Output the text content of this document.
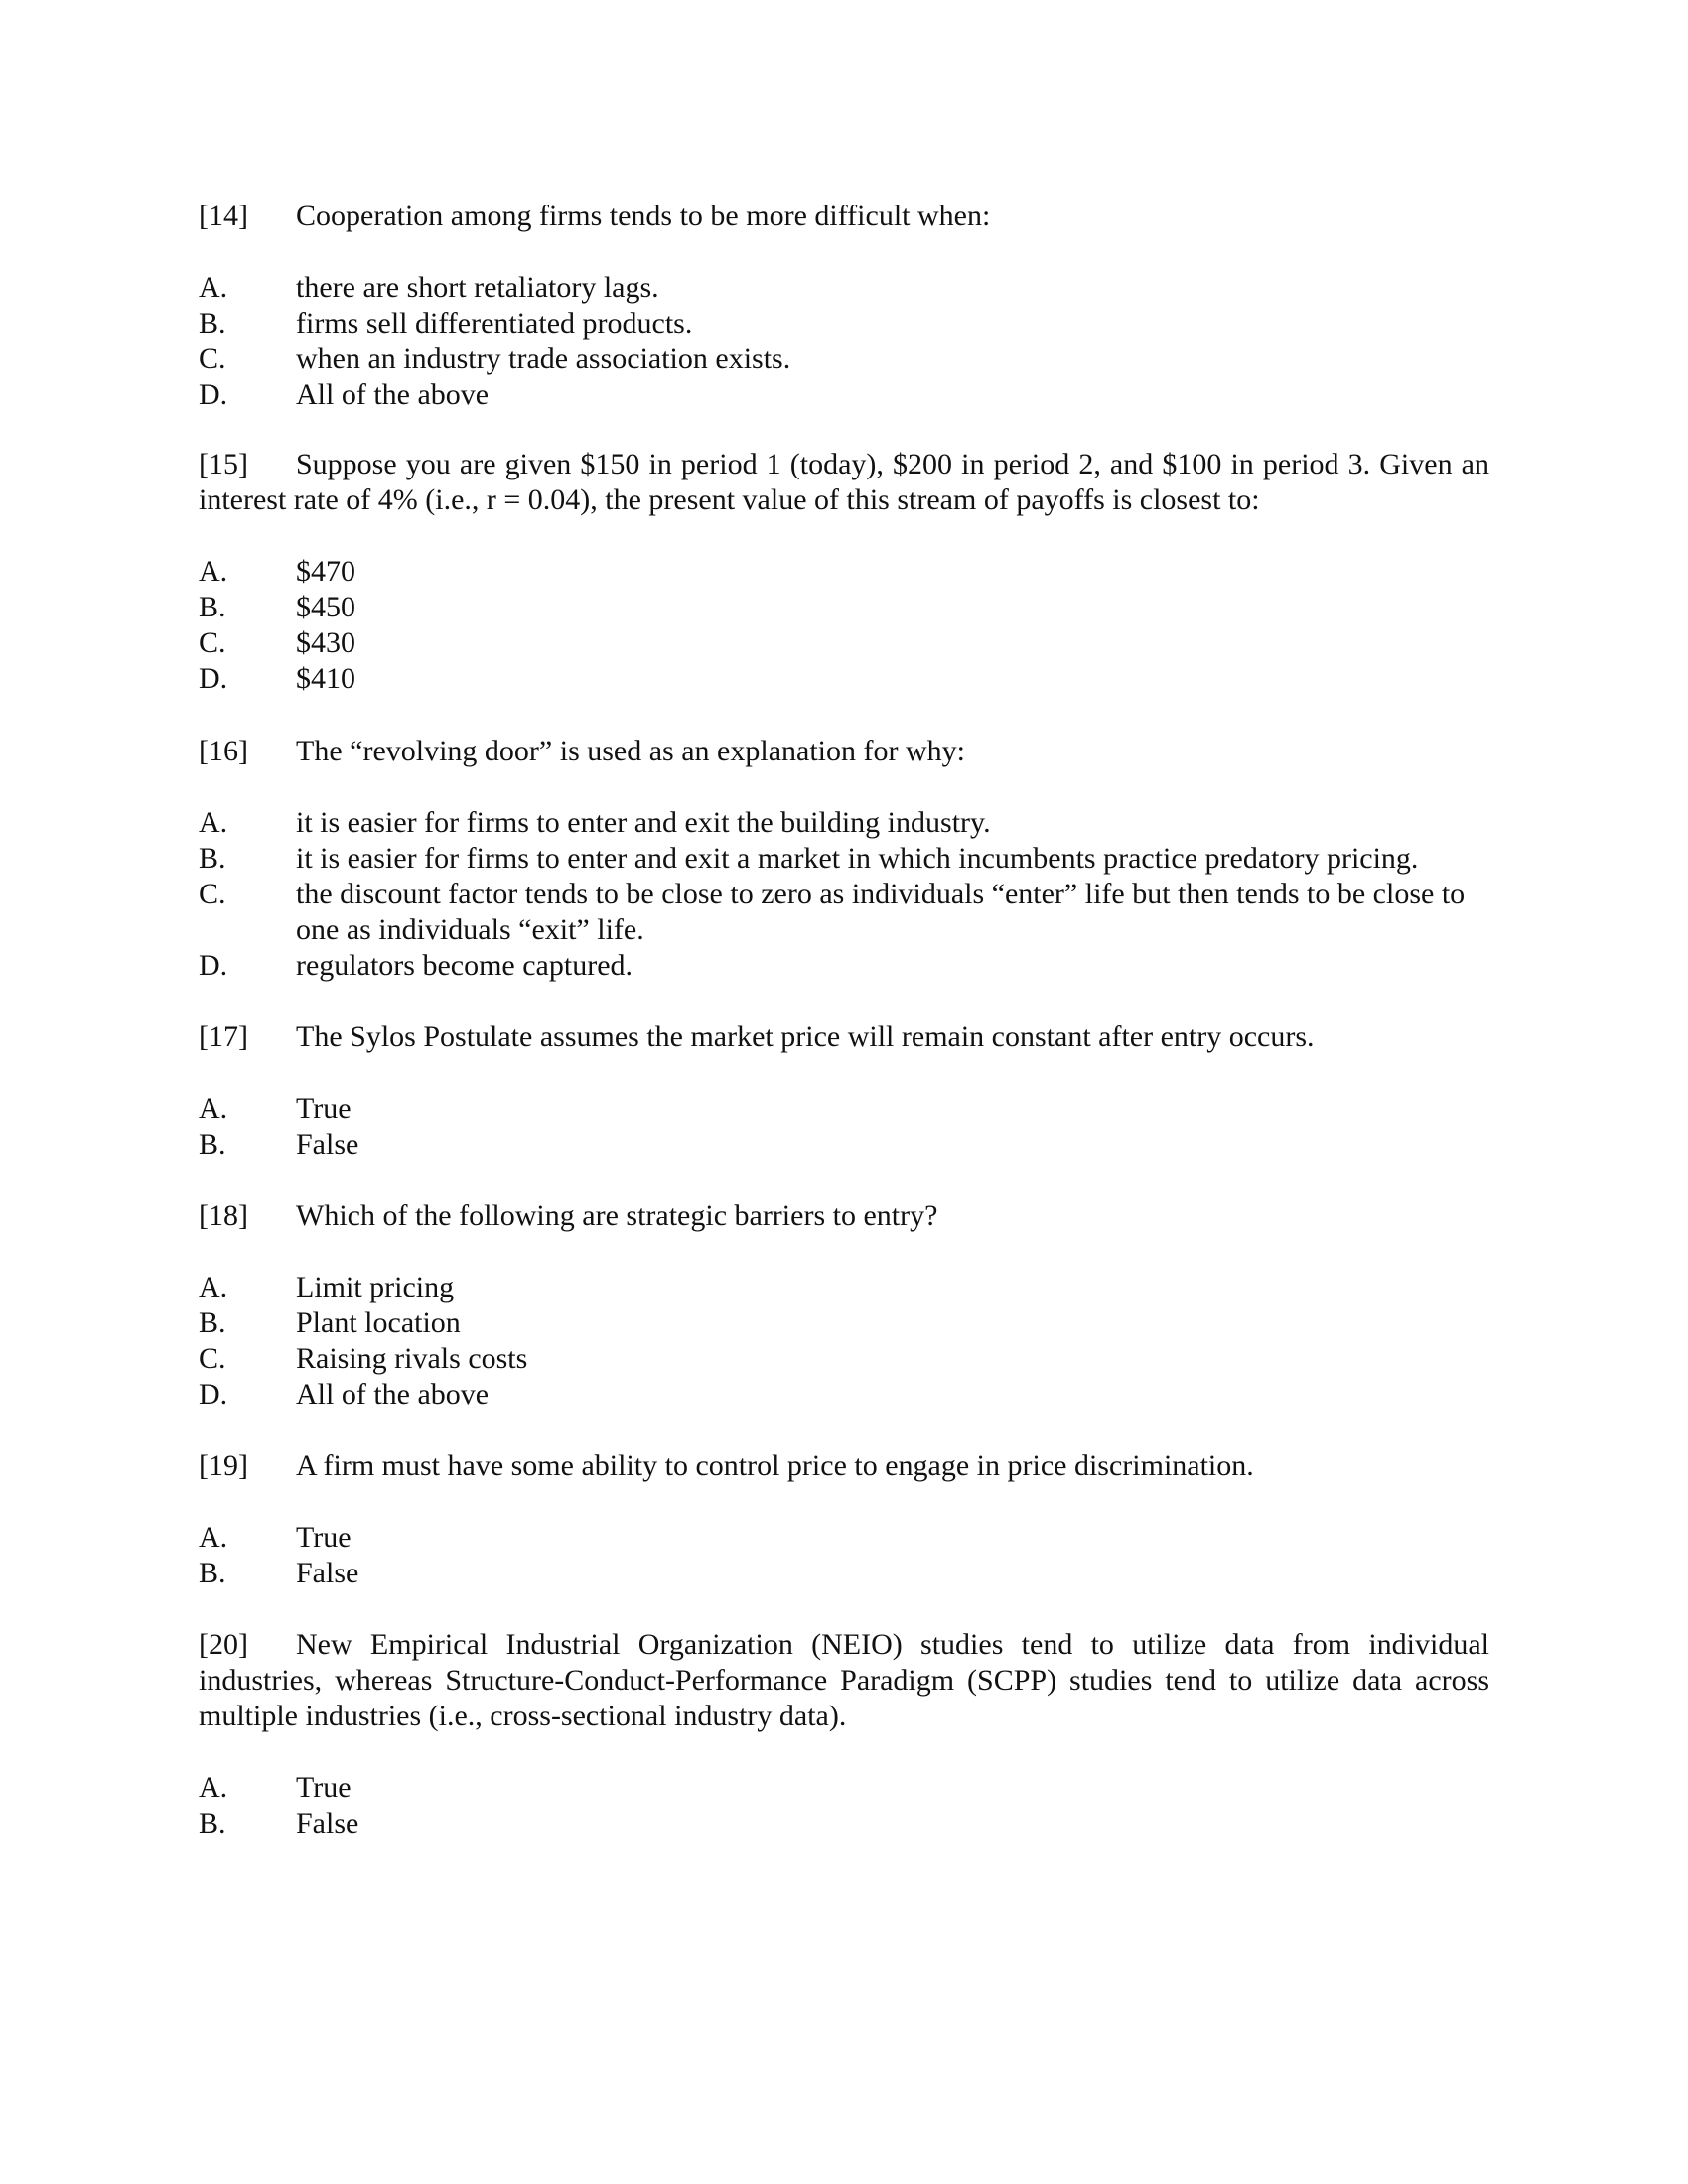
[14]	Cooperation among firms tends to be more difficult when:
A.	there are short retaliatory lags.
B.	firms sell differentiated products.
C.	when an industry trade association exists.
D.	All of the above
[15] Suppose you are given $150 in period 1 (today), $200 in period 2, and $100 in period 3. Given an interest rate of 4% (i.e., r = 0.04), the present value of this stream of payoffs is closest to:
A.	$470
B.	$450
C.	$430
D.	$410
[16]	The “revolving door” is used as an explanation for why:
A.	it is easier for firms to enter and exit the building industry.
B.	it is easier for firms to enter and exit a market in which incumbents practice predatory pricing.
C.	the discount factor tends to be close to zero as individuals “enter” life but then tends to be close to one as individuals “exit” life.
D.	regulators become captured.
[17]	The Sylos Postulate assumes the market price will remain constant after entry occurs.
A.	True
B.	False
[18]	Which of the following are strategic barriers to entry?
A.	Limit pricing
B.	Plant location
C.	Raising rivals costs
D.	All of the above
[19]	A firm must have some ability to control price to engage in price discrimination.
A.	True
B.	False
[20] New Empirical Industrial Organization (NEIO) studies tend to utilize data from individual industries, whereas Structure-Conduct-Performance Paradigm (SCPP) studies tend to utilize data across multiple industries (i.e., cross-sectional industry data).
A.	True
B.	False
